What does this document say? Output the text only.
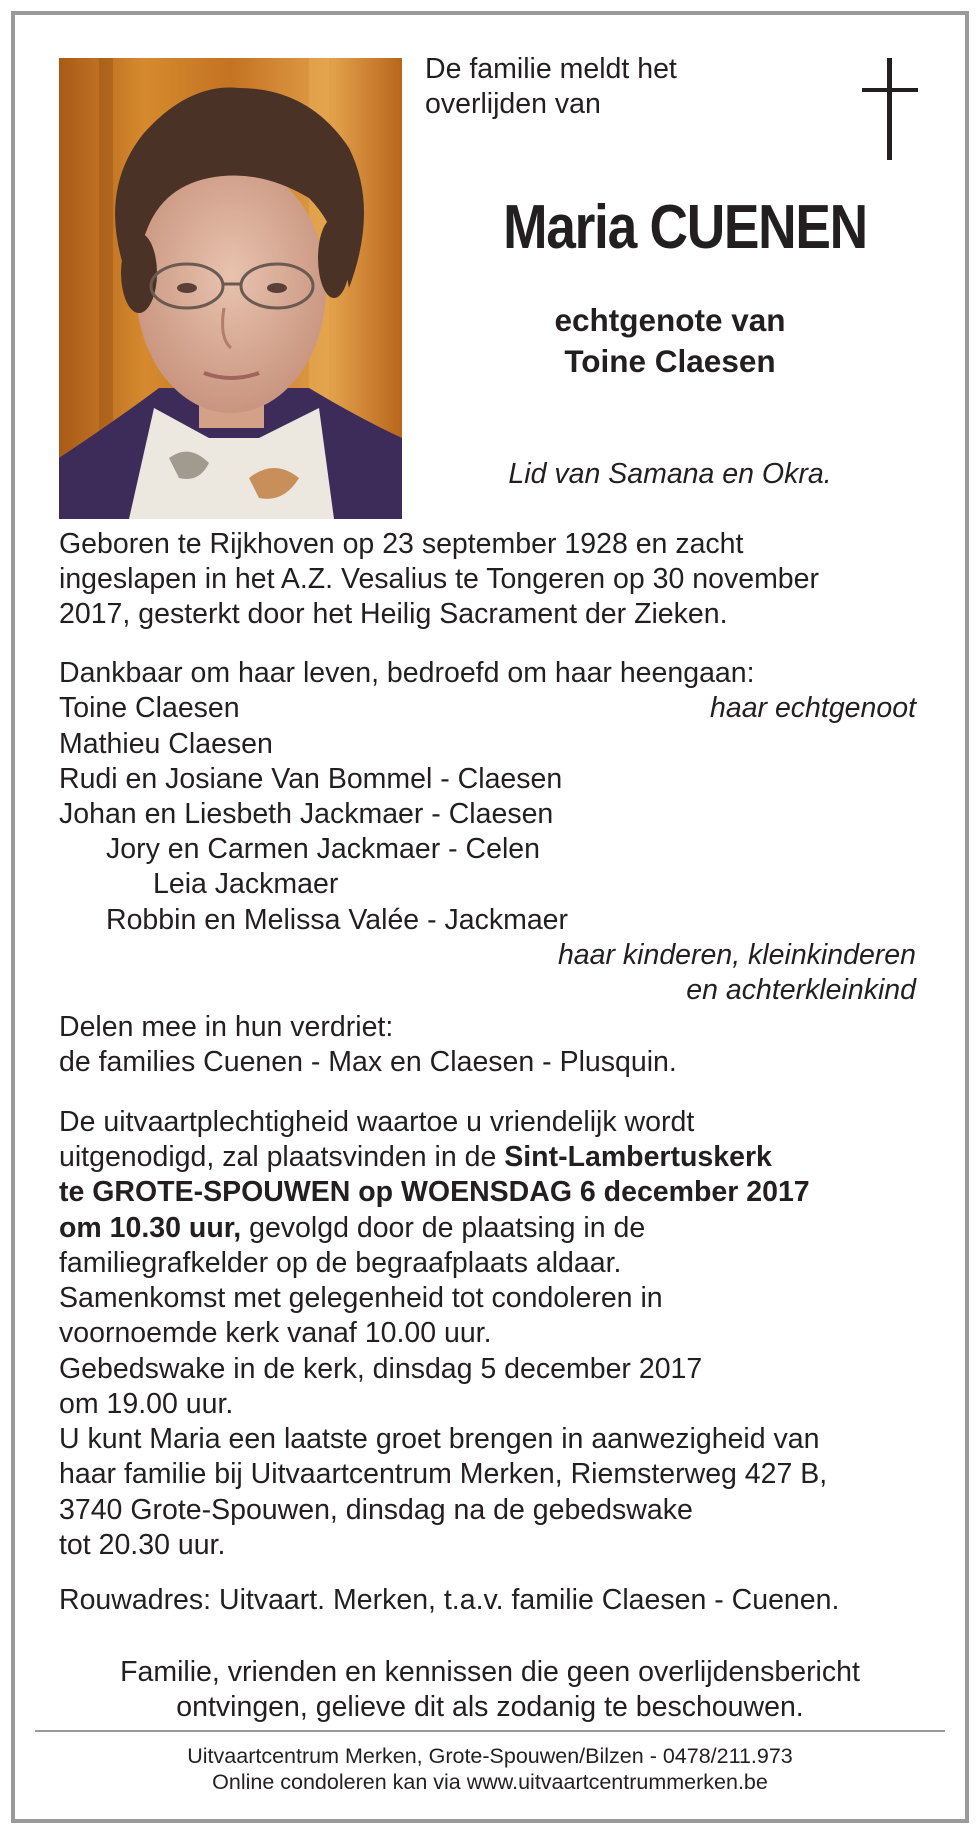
De familie meldt het
overlijden van
Maria CUENEN
echtgenote van
Toine Claesen
Lid van Samana en Okra.
Geboren te Rijkhoven op 23 september 1928 en zacht
ingeslapen in het A.Z. Vesalius te Tongeren op 30 november
2017, gesterkt door het Heilig Sacrament der Zieken.
Dankbaar om haar leven, bedroefd om haar heengaan:
Toine Claesen	haar echtgenoot
Mathieu Claesen
Rudi en Josiane Van Bommel - Claesen
Johan en Liesbeth Jackmaer - Claesen
Jory en Carmen Jackmaer - Celen
Leia Jackmaer
Robbin en Melissa Valée - Jackmaer
haar kinderen, kleinkinderen
en achterkleinkind
Delen mee in hun verdriet:
de families Cuenen - Max en Claesen - Plusquin.
De uitvaartplechtigheid waartoe u vriendelijk wordt
uitgenodigd, zal plaatsvinden in de Sint-Lambertuskerk
te GROTE-SPOUWEN op WOENSDAG 6 december 2017
om 10.30 uur, gevolgd door de plaatsing in de
familiegrafkelder op de begraafplaats aldaar.
Samenkomst met gelegenheid tot condoleren in
voornoemde kerk vanaf 10.00 uur.
Gebedswake in de kerk, dinsdag 5 december 2017
om 19.00 uur.
U kunt Maria een laatste groet brengen in aanwezigheid van
haar familie bij Uitvaartcentrum Merken, Riemsterweg 427 B,
3740 Grote-Spouwen, dinsdag na de gebedswake
tot 20.30 uur.
Rouwadres: Uitvaart. Merken, t.a.v. familie Claesen - Cuenen.
Familie, vrienden en kennissen die geen overlijdensbericht
ontvingen, gelieve dit als zodanig te beschouwen.
Uitvaartcentrum Merken, Grote-Spouwen/Bilzen - 0478/211.973
Online condoleren kan via www.uitvaartcentrummerken.be
